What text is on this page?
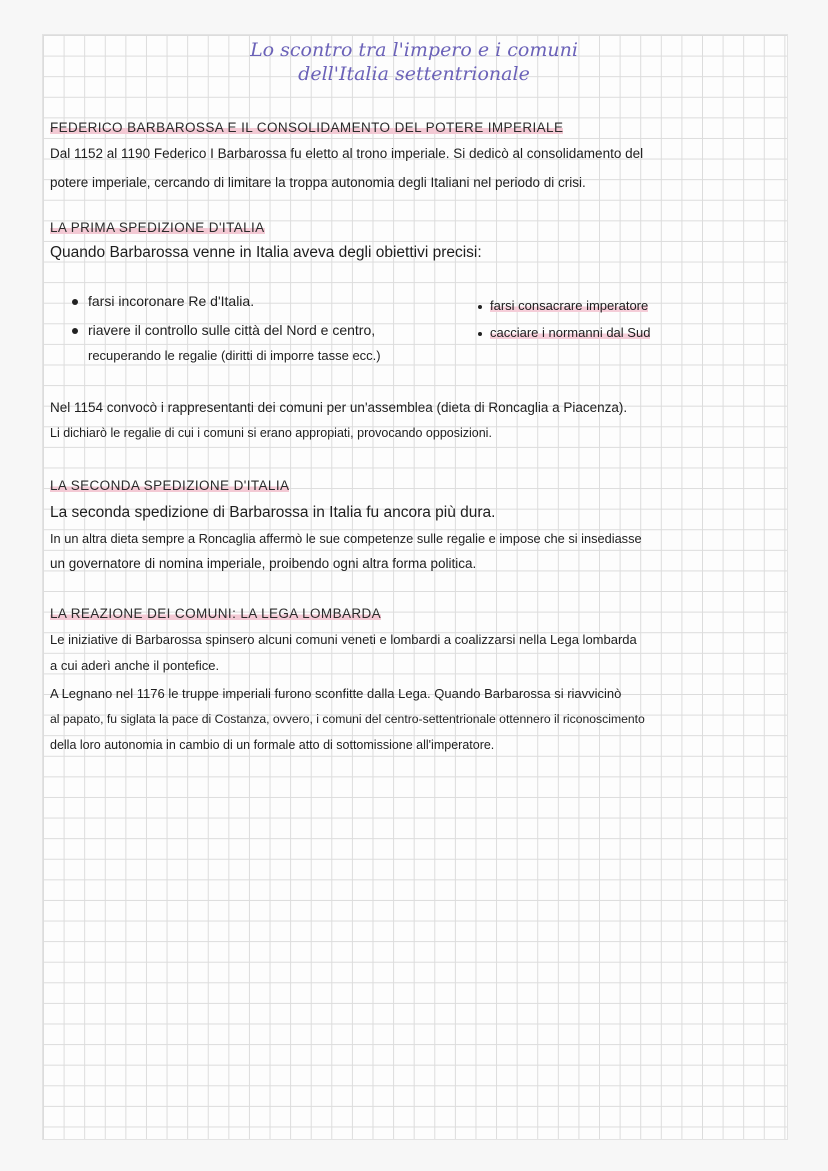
Lo scontro tra l'impero e i comuni
dell'Italia settentrionale
FEDERICO BARBAROSSA E IL CONSOLIDAMENTO DEL POTERE IMPERIALE
Dal 1152 al 1190 Federico I Barbarossa fu eletto al trono imperiale. Si dedicò al consolidamento del
potere imperiale, cercando di limitare la troppa autonomia degli Italiani nel periodo di crisi.
LA PRIMA SPEDIZIONE D'ITALIA
Quando Barbarossa venne in Italia aveva degli obiettivi precisi:
farsi incoronare Re d'Italia.
riavere il controllo sulle città del Nord e centro,
recuperando le regalie (diritti di imporre tasse ecc.)
farsi consacrare imperatore
cacciare i normanni dal Sud
Nel 1154 convocò i rappresentanti dei comuni per un'assemblea (dieta di Roncaglia a Piacenza).
Li dichiarò le regalie di cui i comuni si erano appropiati, provocando opposizioni.
LA SECONDA SPEDIZIONE D'ITALIA
La seconda spedizione di Barbarossa in Italia fu ancora più dura.
In un altra dieta sempre a Roncaglia affermò le sue competenze sulle regalie e impose che si insediasse
un governatore di nomina imperiale, proibendo ogni altra forma politica.
LA REAZIONE DEI COMUNI: LA LEGA LOMBARDA
Le iniziative di Barbarossa spinsero alcuni comuni veneti e lombardi a coalizzarsi nella Lega lombarda
a cui aderì anche il pontefice.
A Legnano nel 1176 le truppe imperiali furono sconfitte dalla Lega. Quando Barbarossa si riavvicinò
al papato, fu siglata la pace di Costanza, ovvero, i comuni del centro-settentrionale ottennero il riconoscimento
della loro autonomia in cambio di un formale atto di sottomissione all'imperatore.
